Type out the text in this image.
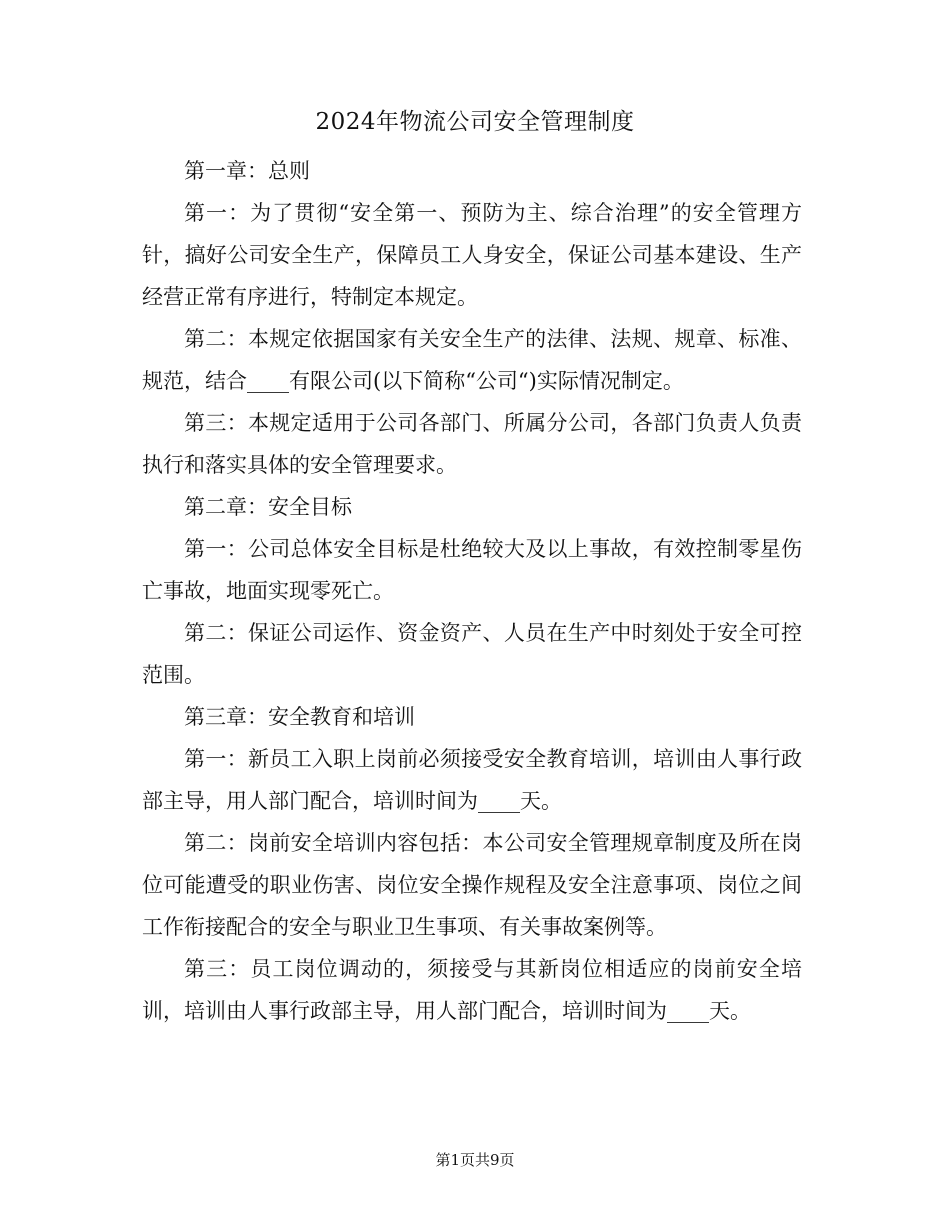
2024年物流公司安全管理制度

第一章：总则

第一：为了贯彻“安全第一、预防为主、综合治理”的安全管理方针，搞好公司安全生产，保障员工人身安全，保证公司基本建设、生产经营正常有序进行，特制定本规定。

第二：本规定依据国家有关安全生产的法律、法规、规章、标准、规范，结合____有限公司(以下简称“公司“)实际情况制定。

第三：本规定适用于公司各部门、所属分公司，各部门负责人负责执行和落实具体的安全管理要求。

第二章：安全目标

第一：公司总体安全目标是杜绝较大及以上事故，有效控制零星伤亡事故，地面实现零死亡。

第二：保证公司运作、资金资产、人员在生产中时刻处于安全可控范围。

第三章：安全教育和培训

第一：新员工入职上岗前必须接受安全教育培训，培训由人事行政部主导，用人部门配合，培训时间为____天。

第二：岗前安全培训内容包括：本公司安全管理规章制度及所在岗位可能遭受的职业伤害、岗位安全操作规程及安全注意事项、岗位之间工作衔接配合的安全与职业卫生事项、有关事故案例等。

第三：员工岗位调动的，须接受与其新岗位相适应的岗前安全培训，培训由人事行政部主导，用人部门配合，培训时间为____天。

第1页共9页
